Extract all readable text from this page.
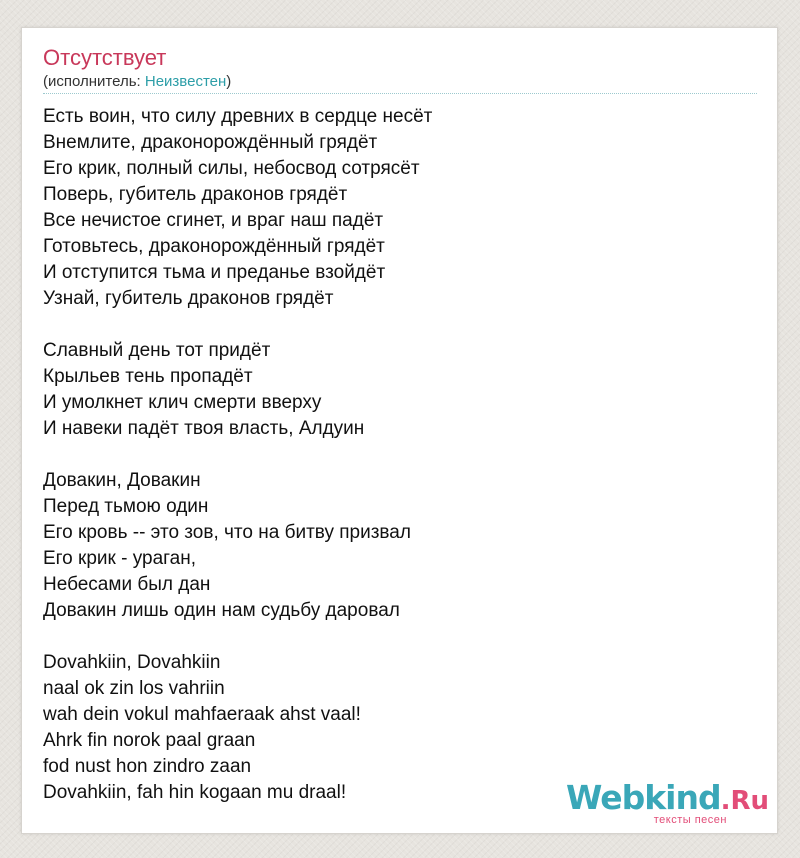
Отсутствует
(исполнитель: Неизвестен)
Есть воин, что силу древних в сердце несёт
Внемлите, драконорождённый грядёт
Его крик, полный силы, небосвод сотрясёт
Поверь, губитель драконов грядёт
Все нечистое сгинет, и враг наш падёт
Готовьтесь, драконорождённый грядёт
И отступится тьма и преданье взойдёт
Узнай, губитель драконов грядёт
Славный день тот придёт
Крыльев тень пропадёт
И умолкнет клич смерти вверху
И навеки падёт твоя власть, Алдуин
Довакин, Довакин
Перед тьмою один
Его кровь -- это зов, что на битву призвал
Его крик - ураган,
Небесами был дан
Довакин лишь один нам судьбу даровал
Dovahkiin, Dovahkiin
naal ok zin los vahriin
wah dein vokul mahfaeraak ahst vaal!
Ahrk fin norok paal graan
fod nust hon zindro zaan
Dovahkiin, fah hin kogaan mu draal!	Webkind.Ru
тексты песен
